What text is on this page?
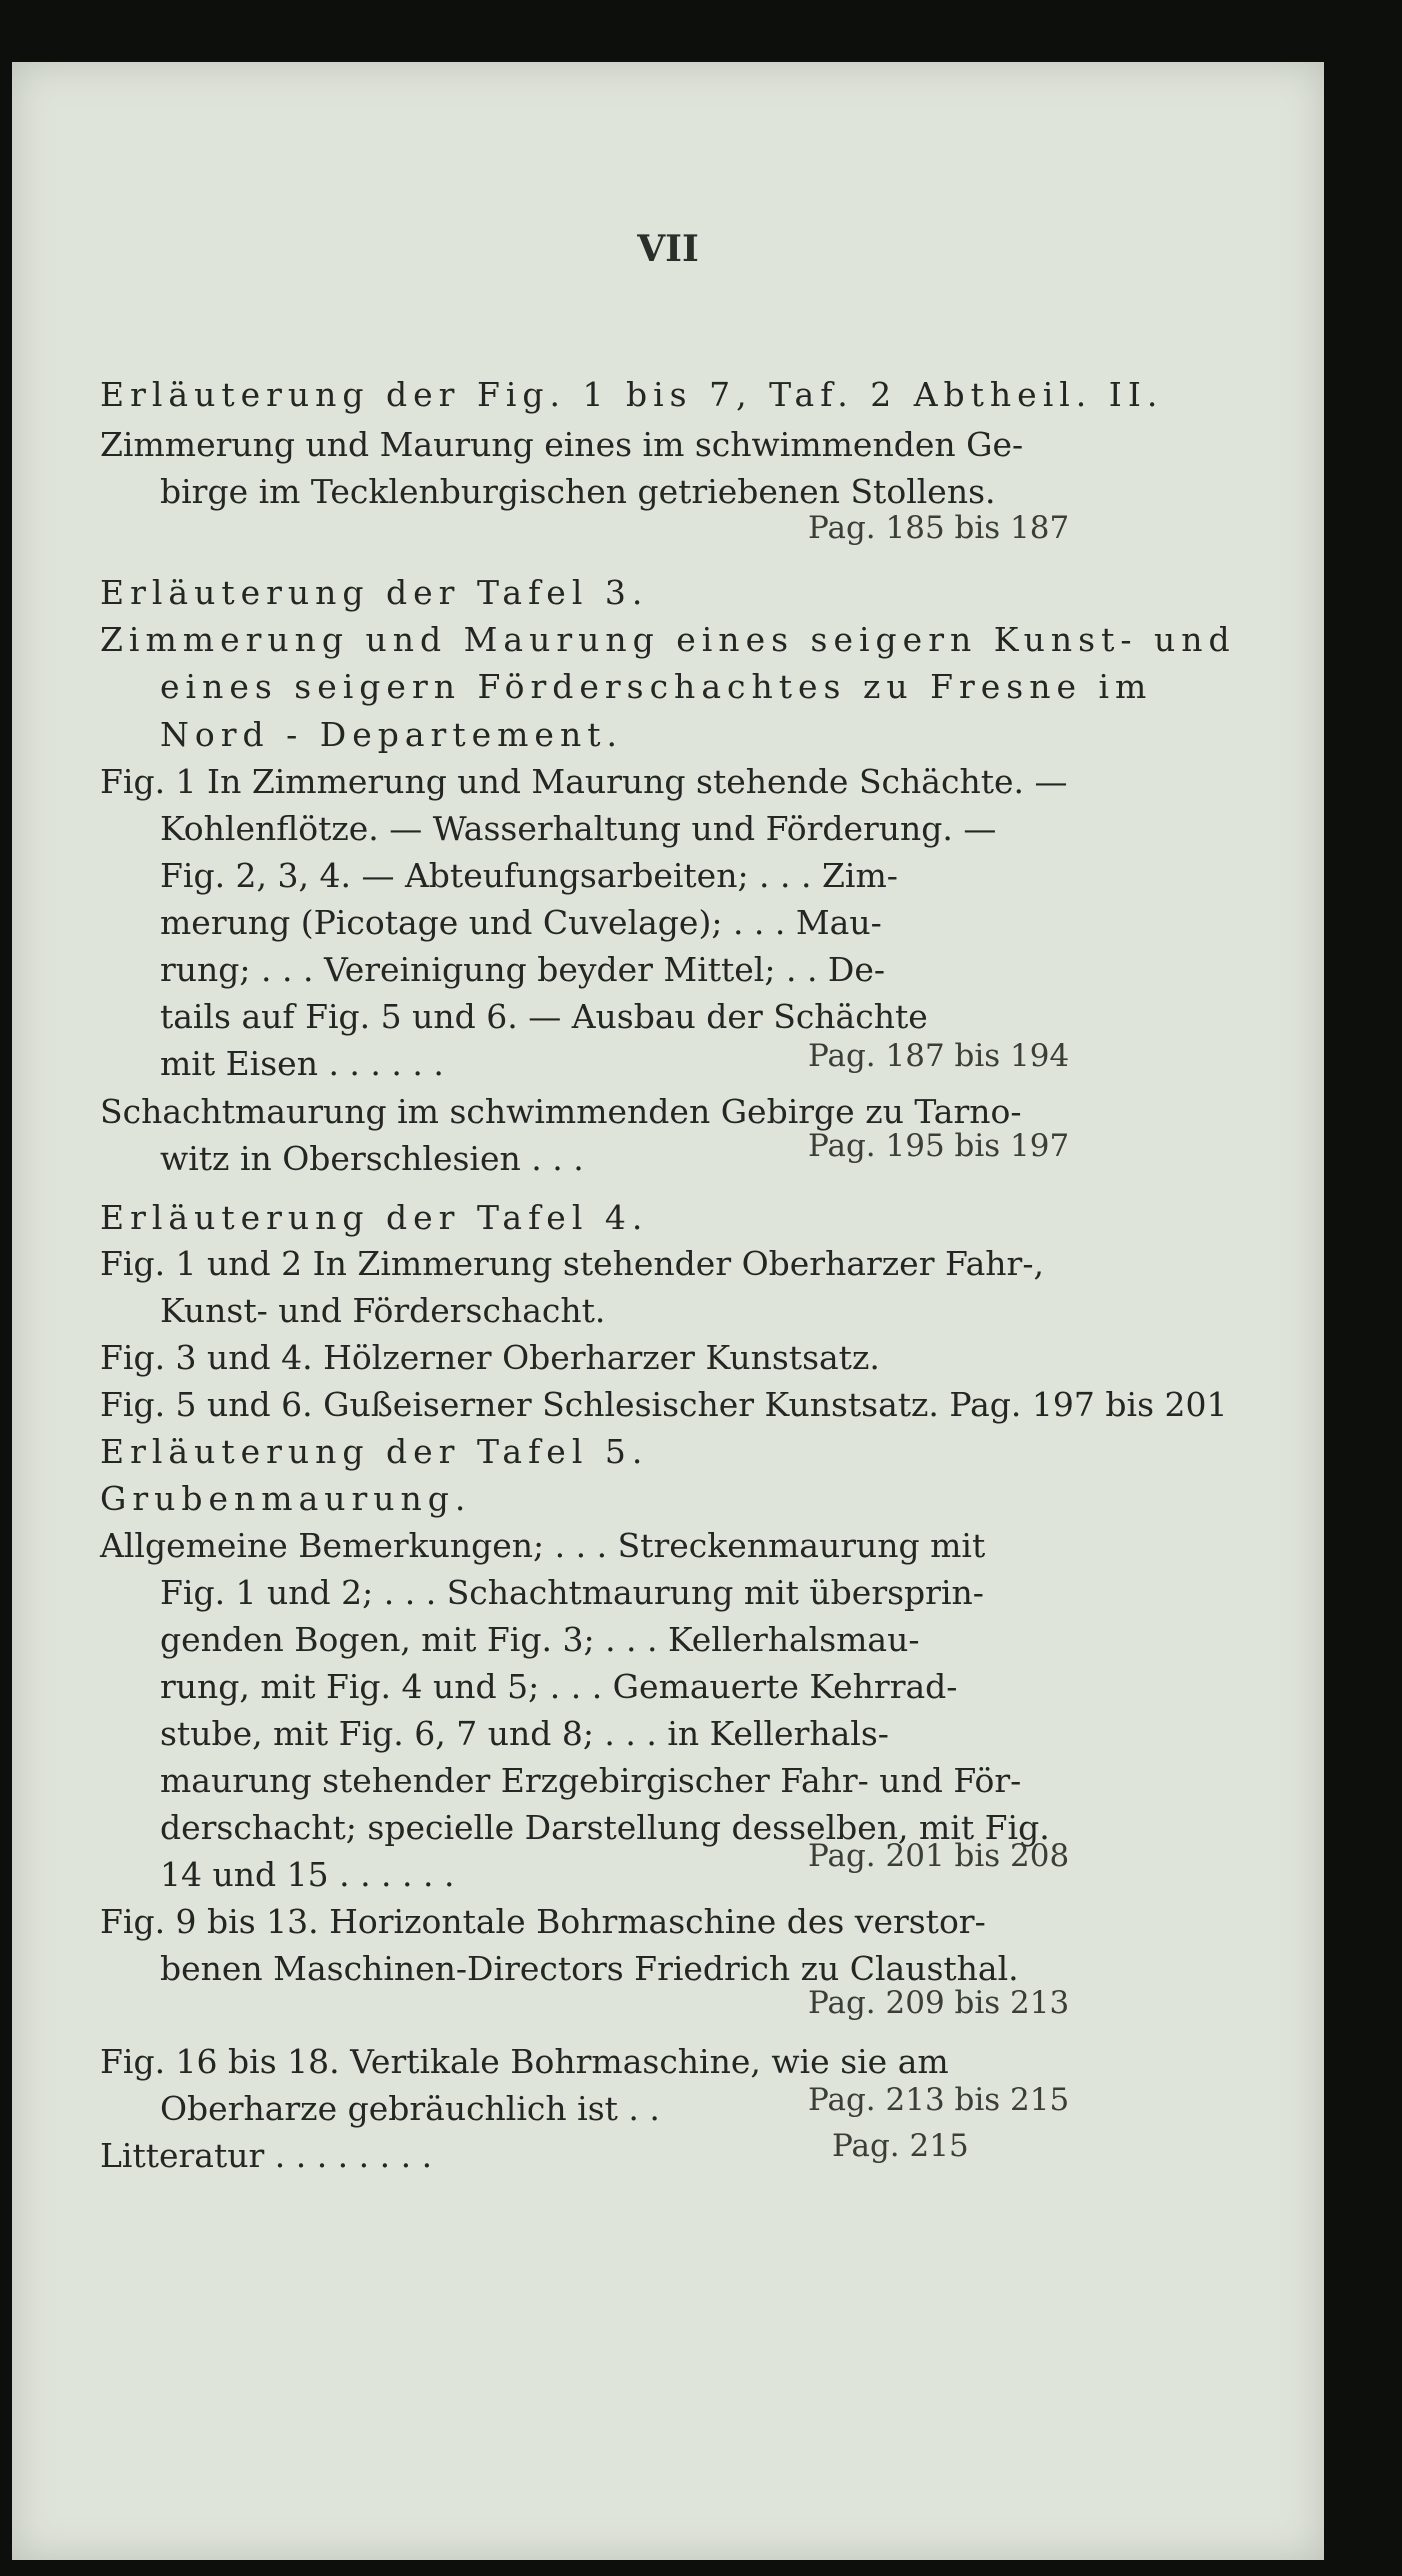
VII
Erläuterung der Fig. 1 bis 7, Taf. 2 Abtheil. II.
Zimmerung und Maurung eines im schwimmenden Ge-
birge im Tecklenburgischen getriebenen Stollens.
Pag. 185 bis 187
Erläuterung der Tafel 3.
Zimmerung und Maurung eines seigern Kunst- und
eines seigern Förderschachtes zu Fresne im
Nord - Departement.
Fig. 1 In Zimmerung und Maurung stehende Schächte. —
Kohlenflötze. — Wasserhaltung und Förderung. —
Fig. 2, 3, 4. — Abteufungsarbeiten; . . . Zim-
merung (Picotage und Cuvelage); . . . Mau-
rung; . . . Vereinigung beyder Mittel; . . De-
tails auf Fig. 5 und 6. — Ausbau der Schächte
mit Eisen . . . . . .	Pag. 187 bis 194
Schachtmaurung im schwimmenden Gebirge zu Tarno-
witz in Oberschlesien . . .	Pag. 195 bis 197
Erläuterung der Tafel 4.
Fig. 1 und 2 In Zimmerung stehender Oberharzer Fahr-,
Kunst- und Förderschacht.
Fig. 3 und 4. Hölzerner Oberharzer Kunstsatz.
Fig. 5 und 6. Gußeiserner Schlesischer Kunstsatz. Pag. 197 bis 201
Erläuterung der Tafel 5.
Grubenmaurung.
Allgemeine Bemerkungen; . . . Streckenmaurung mit
Fig. 1 und 2; . . . Schachtmaurung mit übersprin-
genden Bogen, mit Fig. 3; . . . Kellerhalsmau-
rung, mit Fig. 4 und 5; . . . Gemauerte Kehrrad-
stube, mit Fig. 6, 7 und 8; . . . in Kellerhals-
maurung stehender Erzgebirgischer Fahr- und För-
derschacht; specielle Darstellung desselben, mit Fig.
14 und 15 . . . . . .	Pag. 201 bis 208
Fig. 9 bis 13. Horizontale Bohrmaschine des verstor-
benen Maschinen-Directors Friedrich zu Clausthal.
Pag. 209 bis 213
Fig. 16 bis 18. Vertikale Bohrmaschine, wie sie am
Oberharze gebräuchlich ist . .	Pag. 213 bis 215
Litteratur . . . . . . . .	Pag. 215
